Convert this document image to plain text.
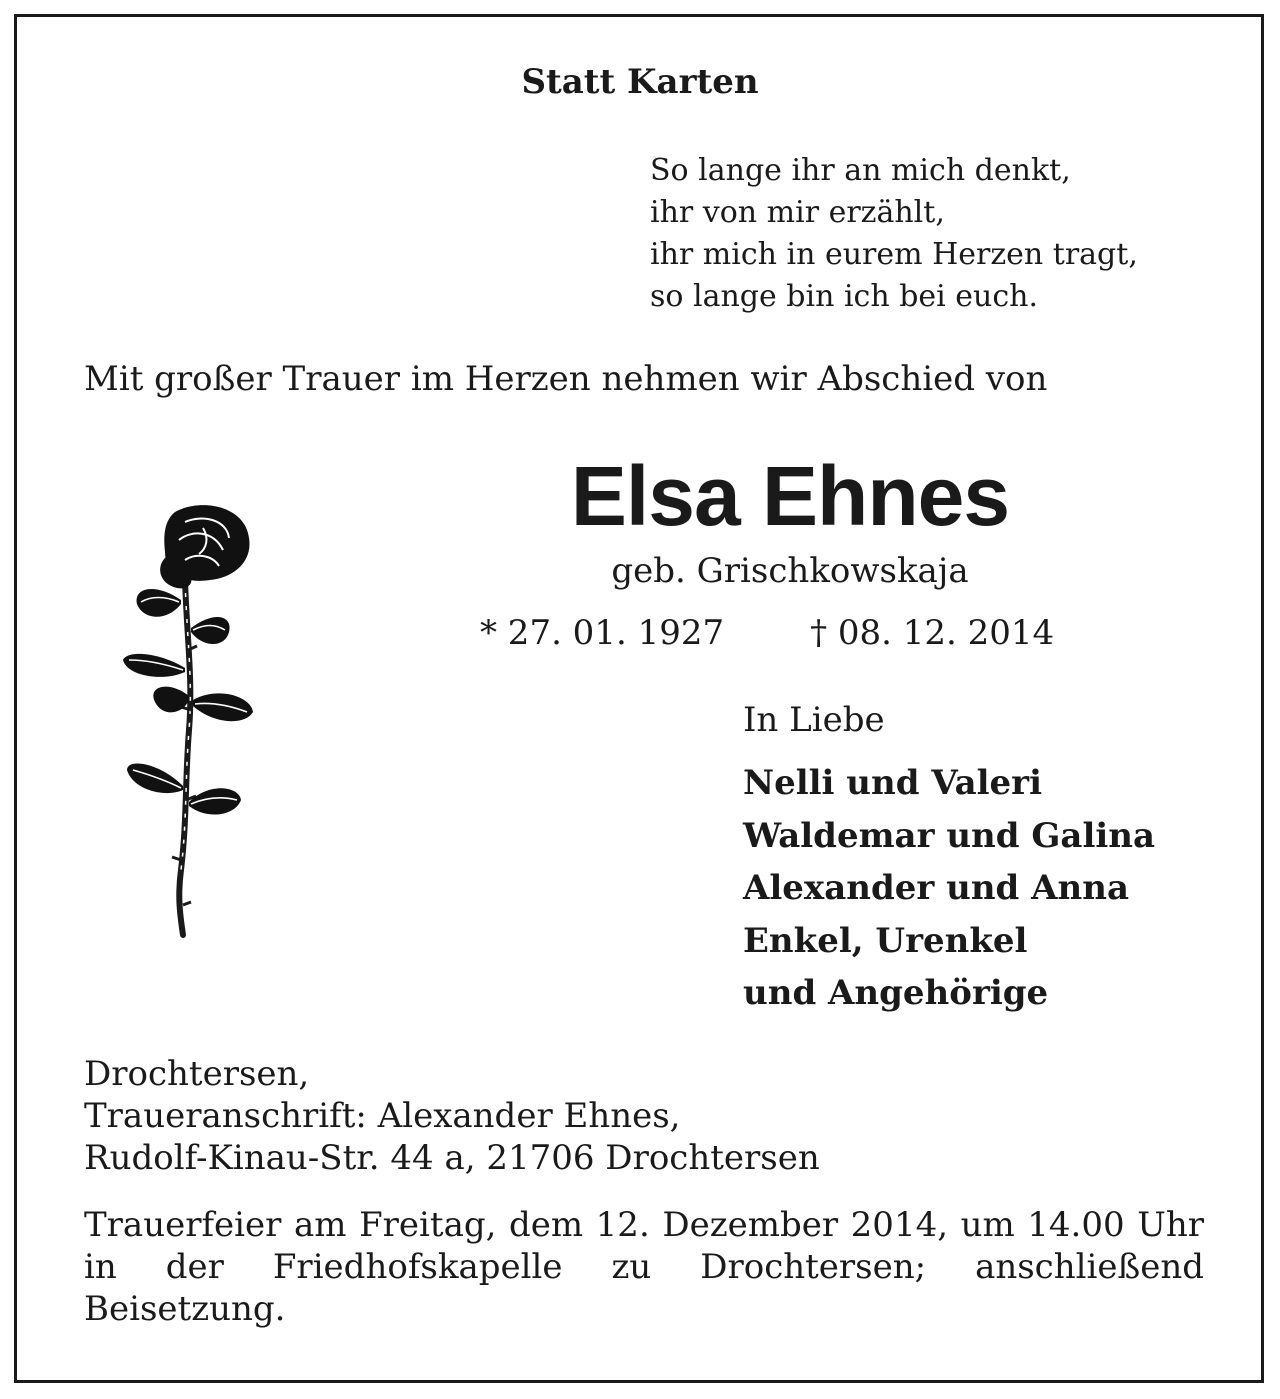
Statt Karten
So lange ihr an mich denkt,
ihr von mir erzählt,
ihr mich in eurem Herzen tragt,
so lange bin ich bei euch.
Mit großer Trauer im Herzen nehmen wir Abschied von
Elsa Ehnes
geb. Grischkowskaja
* 27. 01. 1927	† 08. 12. 2014
In Liebe
Nelli und Valeri
Waldemar und Galina
Alexander und Anna
Enkel, Urenkel
und Angehörige
Drochtersen,
Traueranschrift: Alexander Ehnes,
Rudolf-Kinau-Str. 44 a, 21706 Drochtersen
Trauerfeier am Freitag, dem 12. Dezember 2014, um 14.00 Uhr in der Friedhofskapelle zu Drochtersen; anschließend Beisetzung.
